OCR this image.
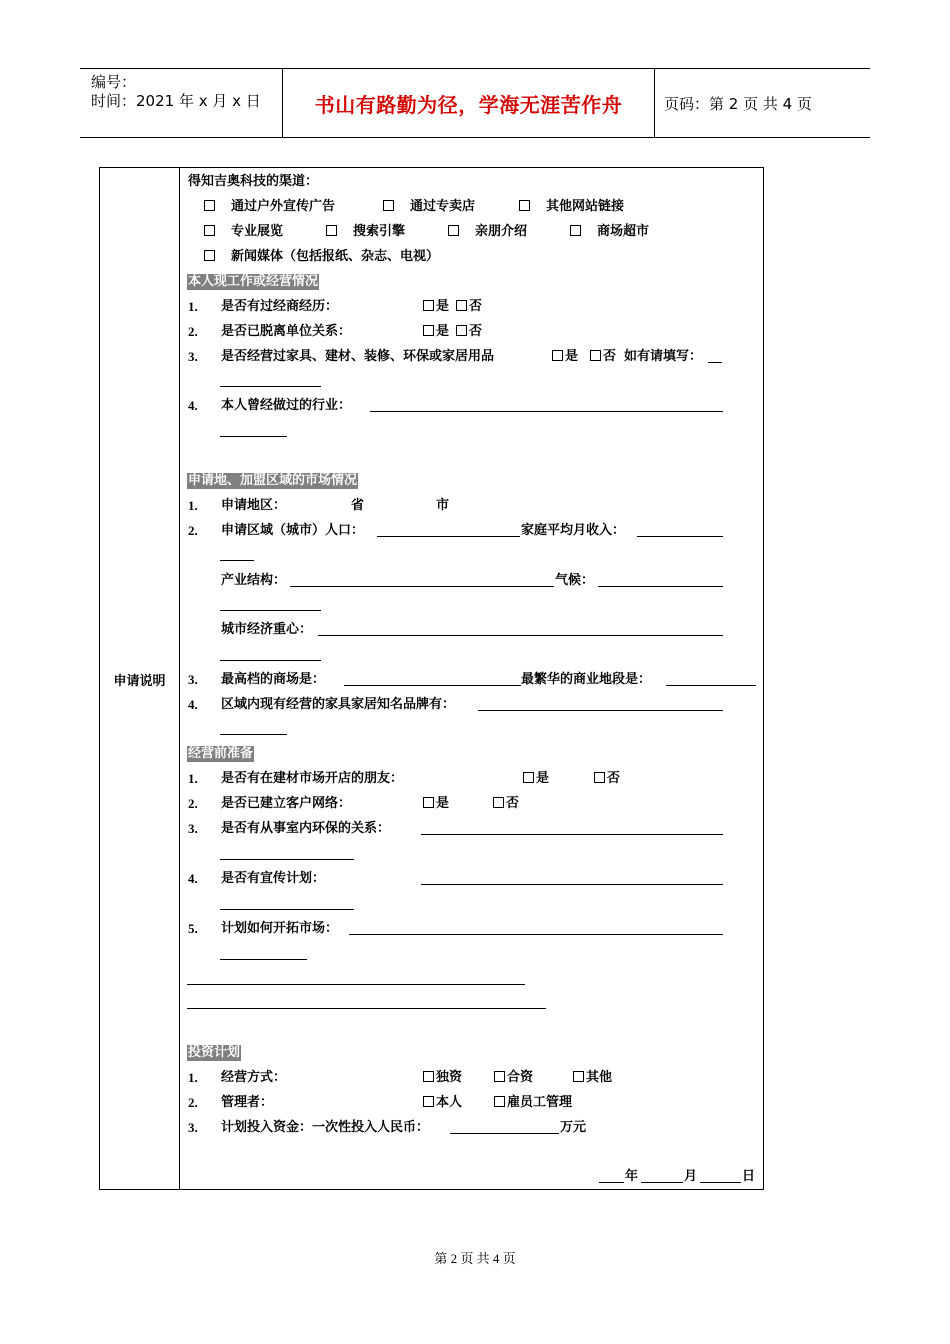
编号：
时间：2021 年 x 月 x 日	书山有路勤为径，学海无涯苦作舟	页码：第 2 页 共 4 页
申请说明
得知吉奥科技的渠道：
通过户外宣传广告	通过专卖店	其他网站链接
专业展览	搜索引擎	亲朋介绍	商场超市
新闻媒体（包括报纸、杂志、电视）
本人现工作或经营情况
1. 是否有过经商经历：	是	否
2. 是否已脱离单位关系：	是	否
3. 是否经营过家具、建材、装修、环保或家居用品	是	否 如有请填写：
4. 本人曾经做过的行业：
申请地、加盟区域的市场情况
1. 申请地区：	省	市
2. 申请区域（城市）人口：	家庭平均月收入：
产业结构：	气候：
城市经济重心：
3. 最高档的商场是：	最繁华的商业地段是：
4. 区域内现有经营的家具家居知名品牌有：
经营前准备
1. 是否有在建材市场开店的朋友：	是	否
2. 是否已建立客户网络：	是	否
3. 是否有从事室内环保的关系：
4. 是否有宣传计划：
5. 计划如何开拓市场：
投资计划
1. 经营方式：	独资	合资	其他
2. 管理者：	本人	雇员工管理
3. 计划投入资金：一次性投入人民币：	万元
年	月	日
第 2 页 共 4 页
